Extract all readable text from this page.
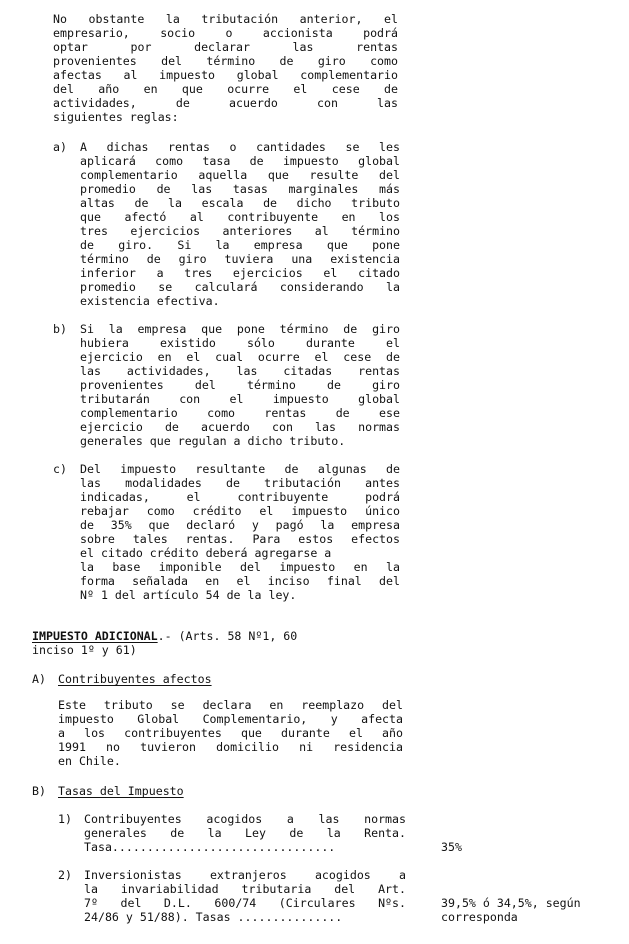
No obstante la tributación anterior, el
empresario, socio o accionista podrá
optar por declarar las rentas
provenientes del término de giro como
afectas al impuesto global complementario
del año en que ocurre el cese de
actividades, de acuerdo con las
siguientes reglas:
a) A dichas rentas o cantidades se les
aplicará como tasa de impuesto global
complementario aquella que resulte del
promedio de las tasas marginales más
altas de la escala de dicho tributo
que afectó al contribuyente en los
tres ejercicios anteriores al término
de giro. Si la empresa que pone
término de giro tuviera una existencia
inferior a tres ejercicios el citado
promedio se calculará considerando la
existencia efectiva.
b) Si la empresa que pone término de giro
hubiera existido sólo durante el
ejercicio en el cual ocurre el cese de
las actividades, las citadas rentas
provenientes del término de giro
tributarán con el impuesto global
complementario como rentas de ese
ejercicio de acuerdo con las normas
generales que regulan a dicho tributo.
c) Del impuesto resultante de algunas de
las modalidades de tributación antes
indicadas, el contribuyente podrá
rebajar como crédito el impuesto único
de 35% que declaró y pagó la empresa
sobre tales rentas. Para estos efectos
el citado crédito deberá agregarse a
la base imponible del impuesto en la
forma señalada en el inciso final del
Nº 1 del artículo 54 de la ley.
IMPUESTO ADICIONAL.- (Arts. 58 Nº1, 60
inciso 1º y 61)
A) Contribuyentes afectos
Este tributo se declara en reemplazo del
impuesto Global Complementario, y afecta
a los contribuyentes que durante el año
1991 no tuvieron domicilio ni residencia
en Chile.
B) Tasas del Impuesto
1) Contribuyentes acogidos a las normas
generales de la Ley de la Renta.
Tasa................................	35%
2) Inversionistas extranjeros acogidos a
la invariabilidad tributaria del Art.
7º del D.L. 600/74 (Circulares Nºs.
24/86 y 51/88). Tasas ...............
39,5% ó 34,5%, según
corresponda
